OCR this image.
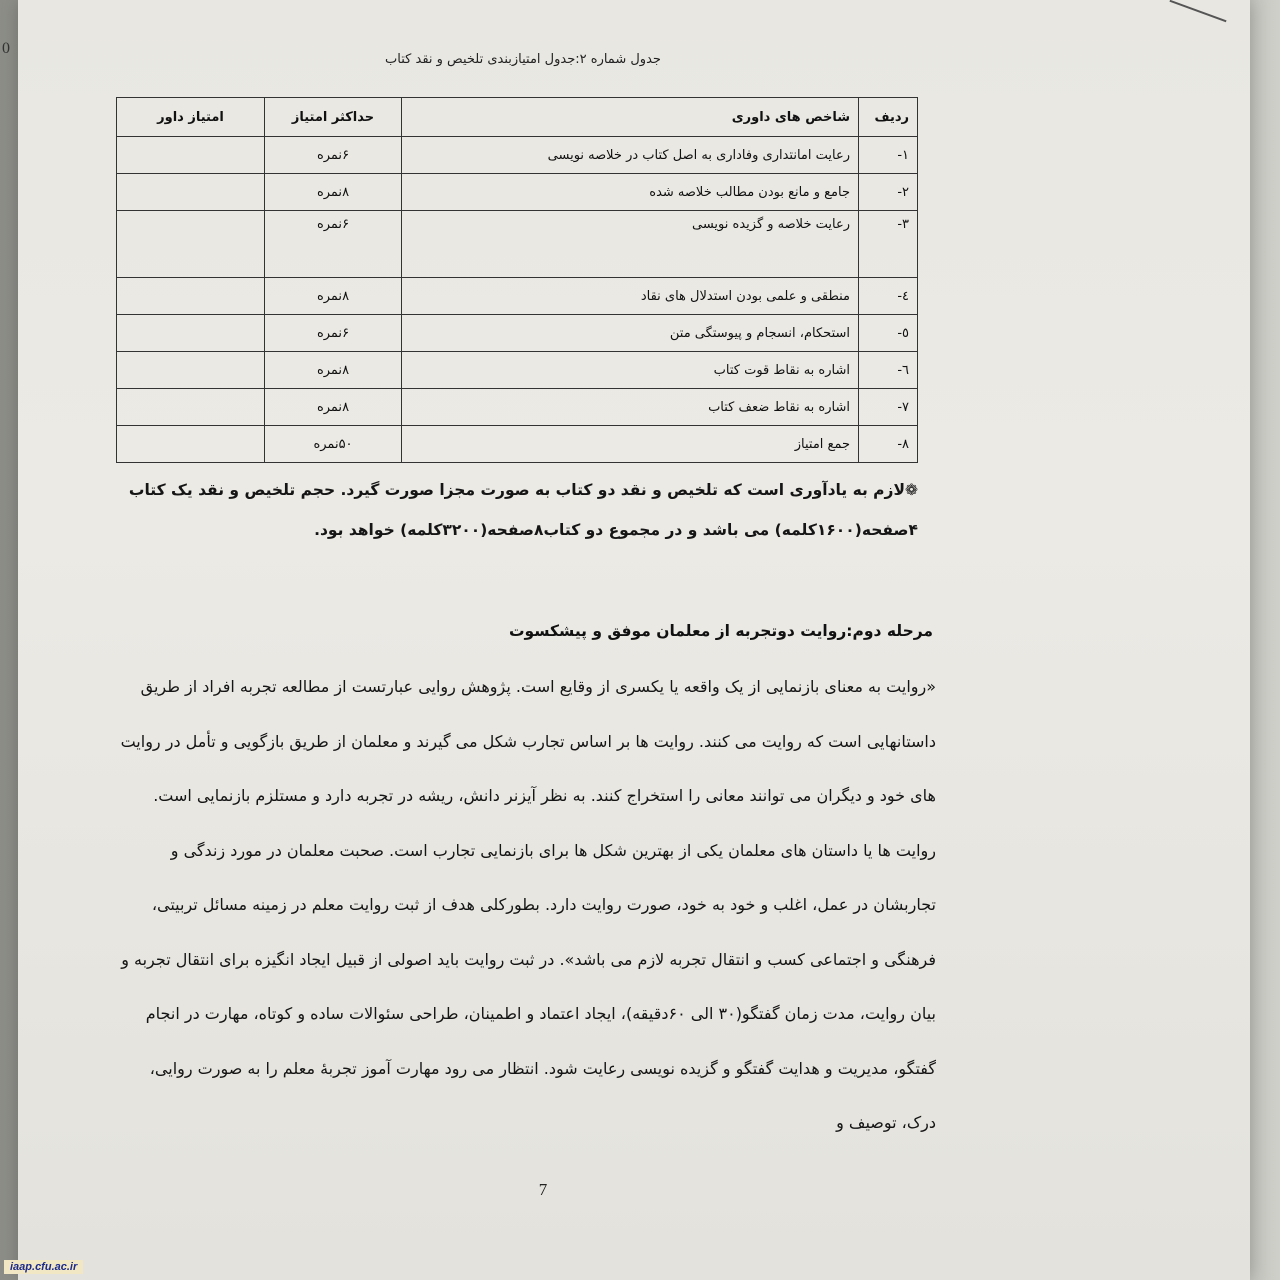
0
جدول شماره ۲:جدول امتیازبندی تلخیص و نقد کتاب
ردیف	شاخص های داوری	حداکثر امتیاز	امتیاز داور
۱-	رعایت امانتداری وفاداری به اصل کتاب در خلاصه نویسی	۶نمره	
۲-	جامع و مانع بودن مطالب خلاصه شده	۸نمره	
۳-	رعایت خلاصه و گزیده نویسی	۶نمره	
٤-	منطقی و علمی بودن استدلال های نقاد	۸نمره	
٥-	استحکام، انسجام و پیوستگی متن	۶نمره	
٦-	اشاره به نقاط قوت کتاب	۸نمره	
۷-	اشاره به نقاط ضعف کتاب	۸نمره	
۸-	جمع امتیاز	۵۰نمره	
❁لازم به یادآوری است که تلخیص و نقد دو کتاب به صورت مجزا صورت گیرد. حجم تلخیص و نقد یک کتاب ۴صفحه(۱۶۰۰کلمه) می باشد و در مجموع دو کتاب۸صفحه(۳۲۰۰کلمه) خواهد بود.
مرحله دوم:روایت دوتجربه از معلمان موفق و پیشکسوت
«روایت به معنای بازنمایی از یک واقعه یا یکسری از وقایع است. پژوهش روایی عبارتست از مطالعه تجربه افراد از طریق داستانهایی است که روایت می کنند. روایت ها بر اساس تجارب شکل می گیرند و معلمان از طریق بازگویی و تأمل در روایت های خود و دیگران می توانند معانی را استخراج کنند. به نظر آیزنر دانش، ریشه در تجربه دارد و مستلزم بازنمایی است. روایت ها یا داستان های معلمان یکی از بهترین شکل ها برای بازنمایی تجارب است. صحبت معلمان در مورد زندگی و تجاربشان در عمل، اغلب و خود به خود، صورت روایت دارد. بطورکلی هدف از ثبت روایت معلم در زمینه مسائل تربیتی، فرهنگی و اجتماعی کسب و انتقال تجربه لازم می باشد». در ثبت روایت باید اصولی از قبیل ایجاد انگیزه برای انتقال تجربه و بیان روایت، مدت زمان گفتگو(۳۰ الی ۶۰دقیقه)، ایجاد اعتماد و اطمینان، طراحی سئوالات ساده و کوتاه، مهارت در انجام گفتگو، مدیریت و هدایت گفتگو و گزیده نویسی رعایت شود. انتظار می رود مهارت آموز تجربۀ معلم را به صورت روایی، درک، توصیف و
7
iaap.cfu.ac.ir
